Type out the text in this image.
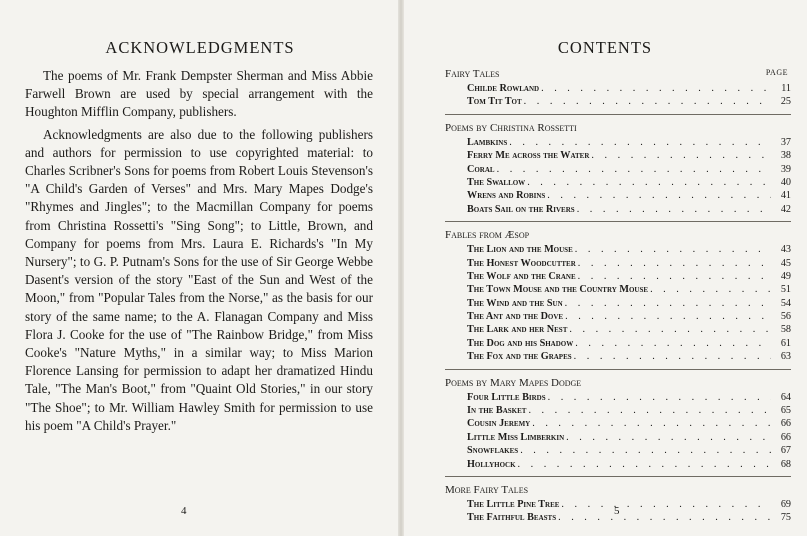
ACKNOWLEDGMENTS

The poems of Mr. Frank Dempster Sherman and Miss Abbie Farwell Brown are used by special arrangement with the Houghton Mifflin Company, publishers.

Acknowledgments are also due to the following publishers and authors for permission to use copyrighted material: to Charles Scribner's Sons for poems from Robert Louis Stevenson's "A Child's Garden of Verses" and Mrs. Mary Mapes Dodge's "Rhymes and Jingles"; to the Macmillan Company for poems from Christina Rossetti's "Sing Song"; to Little, Brown, and Company for poems from Mrs. Laura E. Richards's "In My Nursery"; to G. P. Putnam's Sons for the use of Sir George Webbe Dasent's version of the story "East of the Sun and West of the Moon," from "Popular Tales from the Norse," as the basis for our story of the same name; to the A. Flanagan Company and Miss Flora J. Cooke for the use of "The Rainbow Bridge," from Miss Cooke's "Nature Myths," in a similar way; to Miss Marion Florence Lansing for permission to adapt her dramatized Hindu Tale, "The Man's Boot," from "Quaint Old Stories," in our story "The Shoe"; to Mr. William Hawley Smith for permission to use his poem "A Child's Prayer."

4
CONTENTS
Fairy Tales	PAGE
Childe Rowland . . .	11
Tom Tit Tot . . .	25
Poems by Christina Rossetti
Lambkins . . .	37
Ferry Me across the Water . . .	38
Coral . . .	39
The Swallow . . .	40
Wrens and Robins . . .	41
Boats Sail on the Rivers . . .	42
Fables from Æsop
The Lion and the Mouse . . .	43
The Honest Woodcutter . . .	45
The Wolf and the Crane . . .	49
The Town Mouse and the Country Mouse . . .	51
The Wind and the Sun . . .	54
The Ant and the Dove . . .	56
The Lark and her Nest . . .	58
The Dog and his Shadow . . .	61
The Fox and the Grapes . . .	63
Poems by Mary Mapes Dodge
Four Little Birds . . .	64
In the Basket . . .	65
Cousin Jeremy . . .	66
Little Miss Limberkin . . .	66
Snowflakes . . .	67
Hollyhock . . .	68
More Fairy Tales
The Little Pine Tree . . .	69
The Faithful Beasts . . .	75
5
